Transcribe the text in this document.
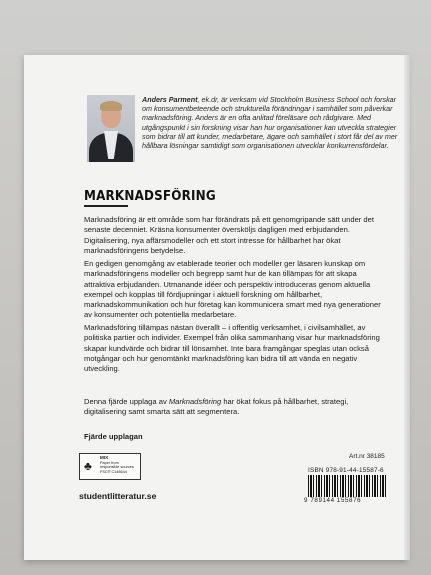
Anders Parment, ek.dr, är verksam vid Stockholm Business School och forskar om konsumentbeteende och strukturella förändringar i samhället som påverkar marknadsföring. Anders är en ofta anlitad föreläsare och rådgivare. Med utgångspunkt i sin forskning visar han hur organisationer kan utveckla strategier som bidrar till att kunder, medarbetare, ägare och samhället i stort får del av mer hållbara lösningar samtidigt som organisationen utvecklar konkurrensfördelar.
MARKNADSFÖRING
Marknadsföring är ett område som har förändrats på ett genomgripande sätt under det senaste decenniet. Kräsna konsumenter översköljs dagligen med erbjudanden. Digitalisering, nya affärsmodeller och ett stort intresse för hållbarhet har ökat marknadsföringens betydelse.
En gedigen genomgång av etablerade teorier och modeller ger läsaren kunskap om marknadsföringens modeller och begrepp samt hur de kan tillämpas för att skapa attraktiva erbjudanden. Utmanande idéer och perspektiv introduceras genom aktuella exempel och kopplas till fördjupningar i aktuell forskning om hållbarhet, marknadskommunikation och hur företag kan kommunicera smart med nya generationer av konsumenter och potentiella medarbetare.
Marknadsföring tillämpas nästan överallt – i offentlig verksamhet, i civilsamhället, av politiska partier och individer. Exempel från olika sammanhang visar hur marknadsföring skapar kundvärde och bidrar till lönsamhet. Inte bara framgångar speglas utan också motgångar och hur genomtänkt marknadsföring kan bidra till att vända en negativ utveckling.
Denna fjärde upplaga av Marknadsföring har ökat fokus på hållbarhet, strategi, digitalisering samt smarta sätt att segmentera.
Fjärde upplagan
♣
MIX
Paper from
responsible sources
FSC® C148644
Art.nr 38185
ISBN 978-91-44-15587-6
9 789144 155876
studentlitteratur.se
